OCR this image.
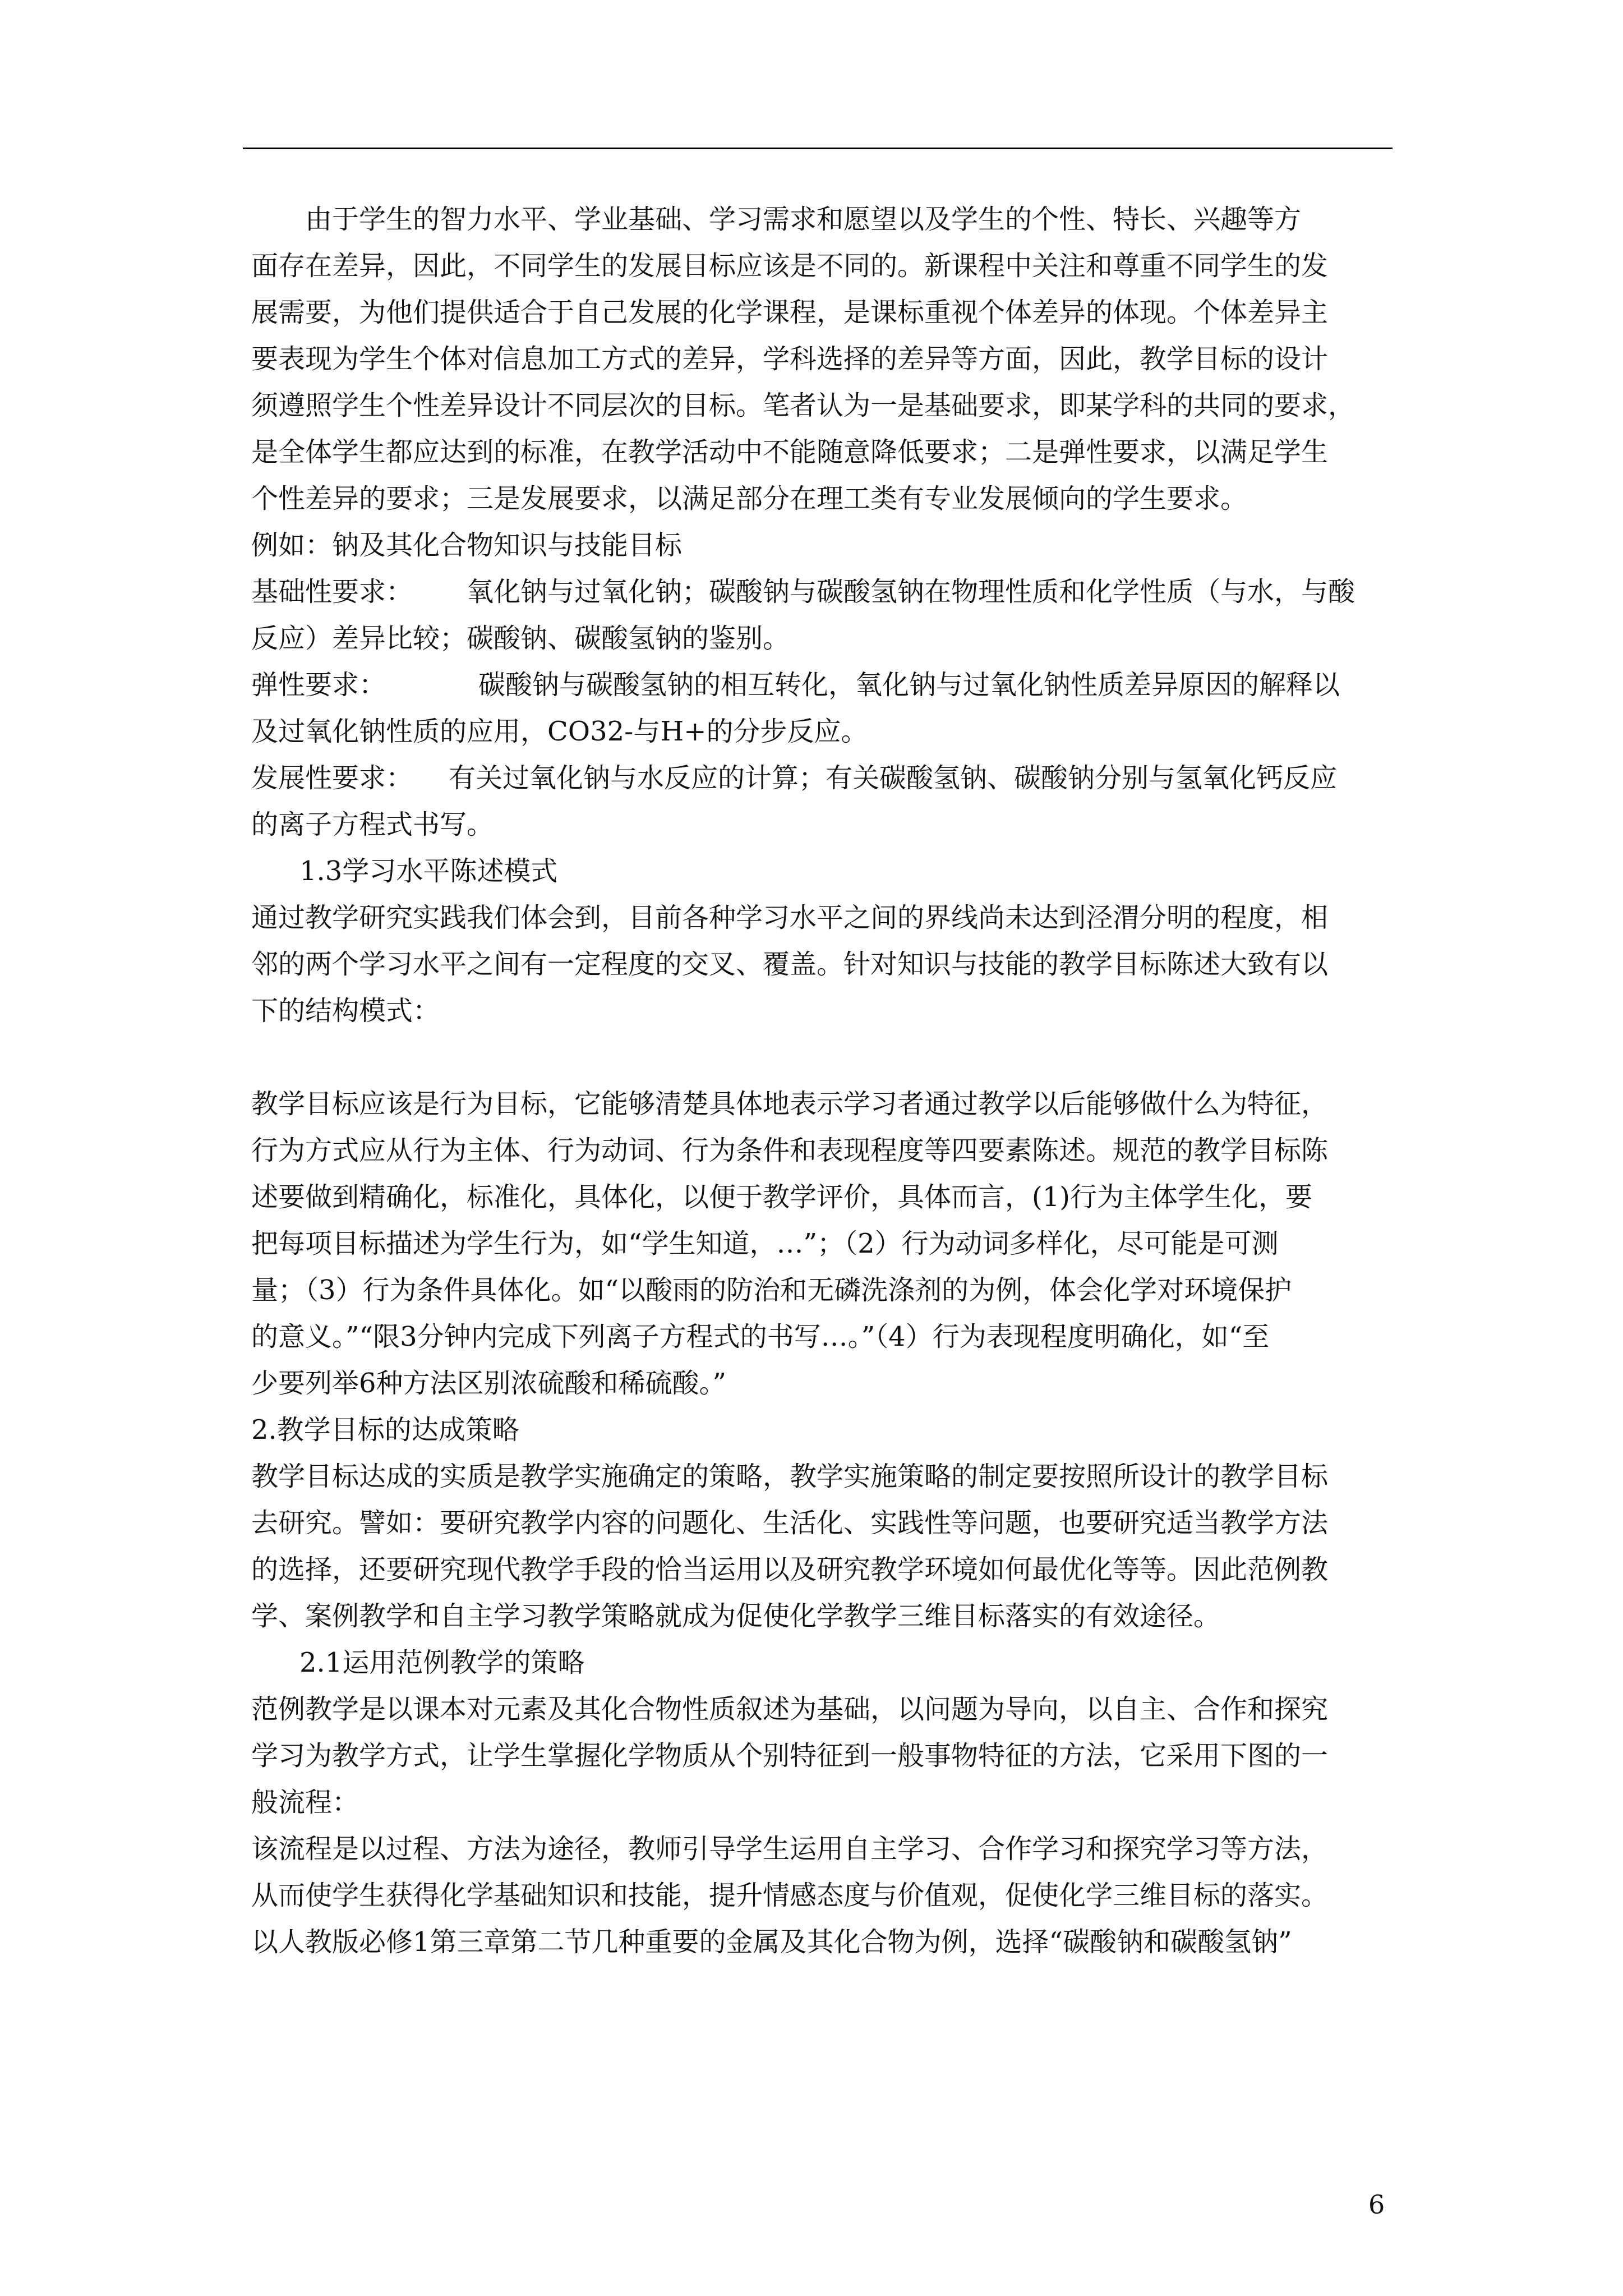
由于学生的智力水平、学业基础、学习需求和愿望以及学生的个性、特长、兴趣等方
面存在差异，因此，不同学生的发展目标应该是不同的。新课程中关注和尊重不同学生的发
展需要，为他们提供适合于自己发展的化学课程，是课标重视个体差异的体现。个体差异主
要表现为学生个体对信息加工方式的差异，学科选择的差异等方面，因此，教学目标的设计
须遵照学生个性差异设计不同层次的目标。笔者认为一是基础要求，即某学科的共同的要求，
是全体学生都应达到的标准，在教学活动中不能随意降低要求；二是弹性要求，以满足学生
个性差异的要求；三是发展要求，以满足部分在理工类有专业发展倾向的学生要求。
例如：钠及其化合物知识与技能目标
基础性要求： 氧化钠与过氧化钠；碳酸钠与碳酸氢钠在物理性质和化学性质（与水，与酸
反应）差异比较；碳酸钠、碳酸氢钠的鉴别。
弹性要求：	碳酸钠与碳酸氢钠的相互转化，氧化钠与过氧化钠性质差异原因的解释以
及过氧化钠性质的应用，CO32-与H+的分步反应。
发展性要求： 有关过氧化钠与水反应的计算；有关碳酸氢钠、碳酸钠分别与氢氧化钙反应
的离子方程式书写。
1.3学习水平陈述模式
通过教学研究实践我们体会到，目前各种学习水平之间的界线尚未达到泾渭分明的程度，相
邻的两个学习水平之间有一定程度的交叉、覆盖。针对知识与技能的教学目标陈述大致有以
下的结构模式：
教学目标应该是行为目标，它能够清楚具体地表示学习者通过教学以后能够做什么为特征，
行为方式应从行为主体、行为动词、行为条件和表现程度等四要素陈述。规范的教学目标陈
述要做到精确化，标准化，具体化，以便于教学评价，具体而言，(1)行为主体学生化，要
把每项目标描述为学生行为，如“学生知道，…”；（2）行为动词多样化，尽可能是可测
量；（3）行为条件具体化。如“以酸雨的防治和无磷洗涤剂的为例，体会化学对环境保护
的意义。”“限3分钟内完成下列离子方程式的书写…。”（4）行为表现程度明确化，如“至
少要列举6种方法区别浓硫酸和稀硫酸。”
2.教学目标的达成策略
教学目标达成的实质是教学实施确定的策略，教学实施策略的制定要按照所设计的教学目标
去研究。譬如：要研究教学内容的问题化、生活化、实践性等问题，也要研究适当教学方法
的选择，还要研究现代教学手段的恰当运用以及研究教学环境如何最优化等等。因此范例教
学、案例教学和自主学习教学策略就成为促使化学教学三维目标落实的有效途径。
2.1运用范例教学的策略
范例教学是以课本对元素及其化合物性质叙述为基础，以问题为导向，以自主、合作和探究
学习为教学方式，让学生掌握化学物质从个别特征到一般事物特征的方法，它采用下图的一
般流程：
该流程是以过程、方法为途径，教师引导学生运用自主学习、合作学习和探究学习等方法，
从而使学生获得化学基础知识和技能，提升情感态度与价值观，促使化学三维目标的落实。
以人教版必修1第三章第二节几种重要的金属及其化合物为例，选择“碳酸钠和碳酸氢钠”
6
